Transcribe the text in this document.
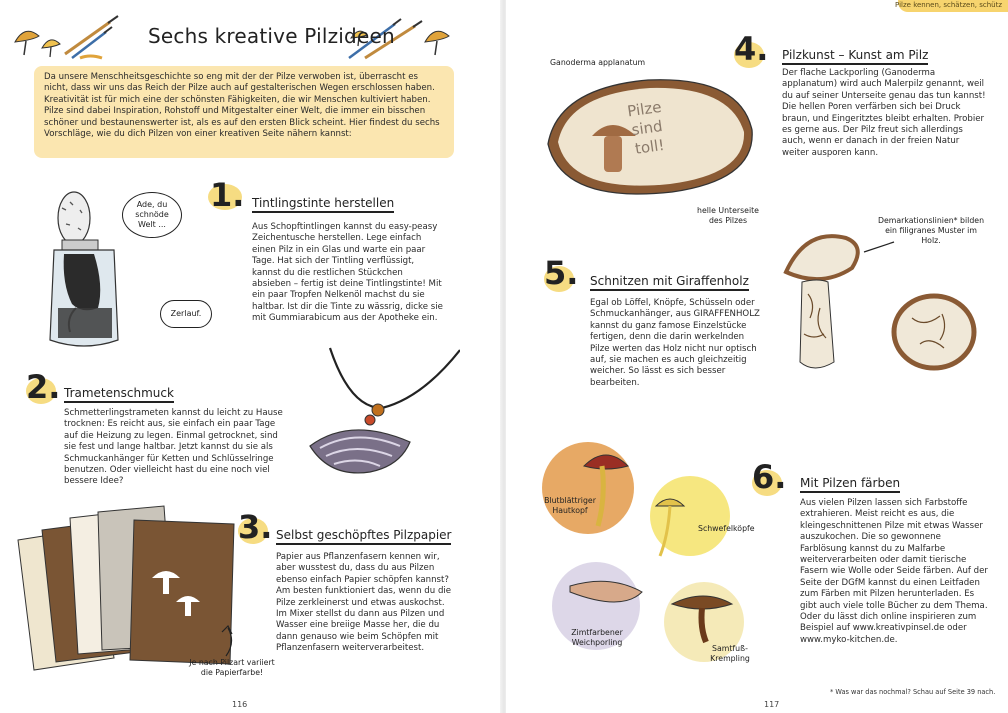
Sechs kreative Pilzideen
Da unsere Menschheitsgeschichte so eng mit der der Pilze verwoben ist, überrascht es nicht, dass wir uns das Reich der Pilze auch auf gestalterischen Wegen erschlossen haben. Kreativität ist für mich eine der schönsten Fähigkeiten, die wir Menschen kultiviert haben. Pilze sind dabei Inspiration, Rohstoff und Mitgestalter einer Welt, die immer ein bisschen schöner und bestaunenswerter ist, als es auf den ersten Blick scheint. Hier findest du sechs Vorschläge, wie du dich Pilzen von einer kreativen Seite nähern kannst:
Ade, du schnöde Welt ...
Zerlauf.
1. Tintlingstinte herstellen
Aus Schopftintlingen kannst du easy-peasy Zeichentusche herstellen. Lege einfach einen Pilz in ein Glas und warte ein paar Tage. Hat sich der Tintling verflüssigt, kannst du die restlichen Stückchen absieben – fertig ist deine Tintlingstinte! Mit ein paar Tropfen Nelkenöl machst du sie haltbar. Ist dir die Tinte zu wässrig, dicke sie mit Gummiarabicum aus der Apotheke ein.
2. Trametenschmuck
Schmetterlingstrameten kannst du leicht zu Hause trocknen: Es reicht aus, sie einfach ein paar Tage auf die Heizung zu legen. Einmal getrocknet, sind sie fest und lange haltbar. Jetzt kannst du sie als Schmuckanhänger für Ketten und Schlüsselringe benutzen. Oder vielleicht hast du eine noch viel bessere Idee?
3. Selbst geschöpftes Pilzpapier
Papier aus Pflanzenfasern kennen wir, aber wusstest du, dass du aus Pilzen ebenso einfach Papier schöpfen kannst? Am besten funktioniert das, wenn du die Pilze zerkleinerst und etwas auskochst. Im Mixer stellst du dann aus Pilzen und Wasser eine breiige Masse her, die du dann genauso wie beim Schöpfen mit Pflanzenfasern weiterverarbeitest.
Je nach Pilzart variiert die Papierfarbe!
116
Pilze kennen, schätzen, schütz
Ganoderma applanatum
Pilze
sind
toll!
helle Unterseite des Pilzes
4. Pilzkunst – Kunst am Pilz
Der flache Lackporling (Ganoderma applanatum) wird auch Malerpilz genannt, weil du auf seiner Unterseite genau das tun kannst! Die hellen Poren verfärben sich bei Druck braun, und Eingeritztes bleibt erhalten. Probier es gerne aus. Der Pilz freut sich allerdings auch, wenn er danach in der freien Natur weiter ausporen kann.
Demarkationslinien* bilden ein filigranes Muster im Holz.
5. Schnitzen mit Giraffenholz
Egal ob Löffel, Knöpfe, Schüsseln oder Schmuckanhänger, aus GIRAFFENHOLZ kannst du ganz famose Einzelstücke fertigen, denn die darin werkelnden Pilze werten das Holz nicht nur optisch auf, sie machen es auch gleichzeitig weicher. So lässt es sich besser bearbeiten.
Blutblättriger Hautkopf
Schwefelköpfe
Zimtfarbener Weichporling
Samtfuß-Krempling
6. Mit Pilzen färben
Aus vielen Pilzen lassen sich Farbstoffe extrahieren. Meist reicht es aus, die kleingeschnittenen Pilze mit etwas Wasser auszukochen. Die so gewonnene Farblösung kannst du zu Malfarbe weiterverarbeiten oder damit tierische Fasern wie Wolle oder Seide färben. Auf der Seite der DGfM kannst du einen Leitfaden zum Färben mit Pilzen herunterladen. Es gibt auch viele tolle Bücher zu dem Thema. Oder du lässt dich online inspirieren zum Beispiel auf www.kreativpinsel.de oder www.myko-kitchen.de.
* Was war das nochmal? Schau auf Seite 39 nach.
117
